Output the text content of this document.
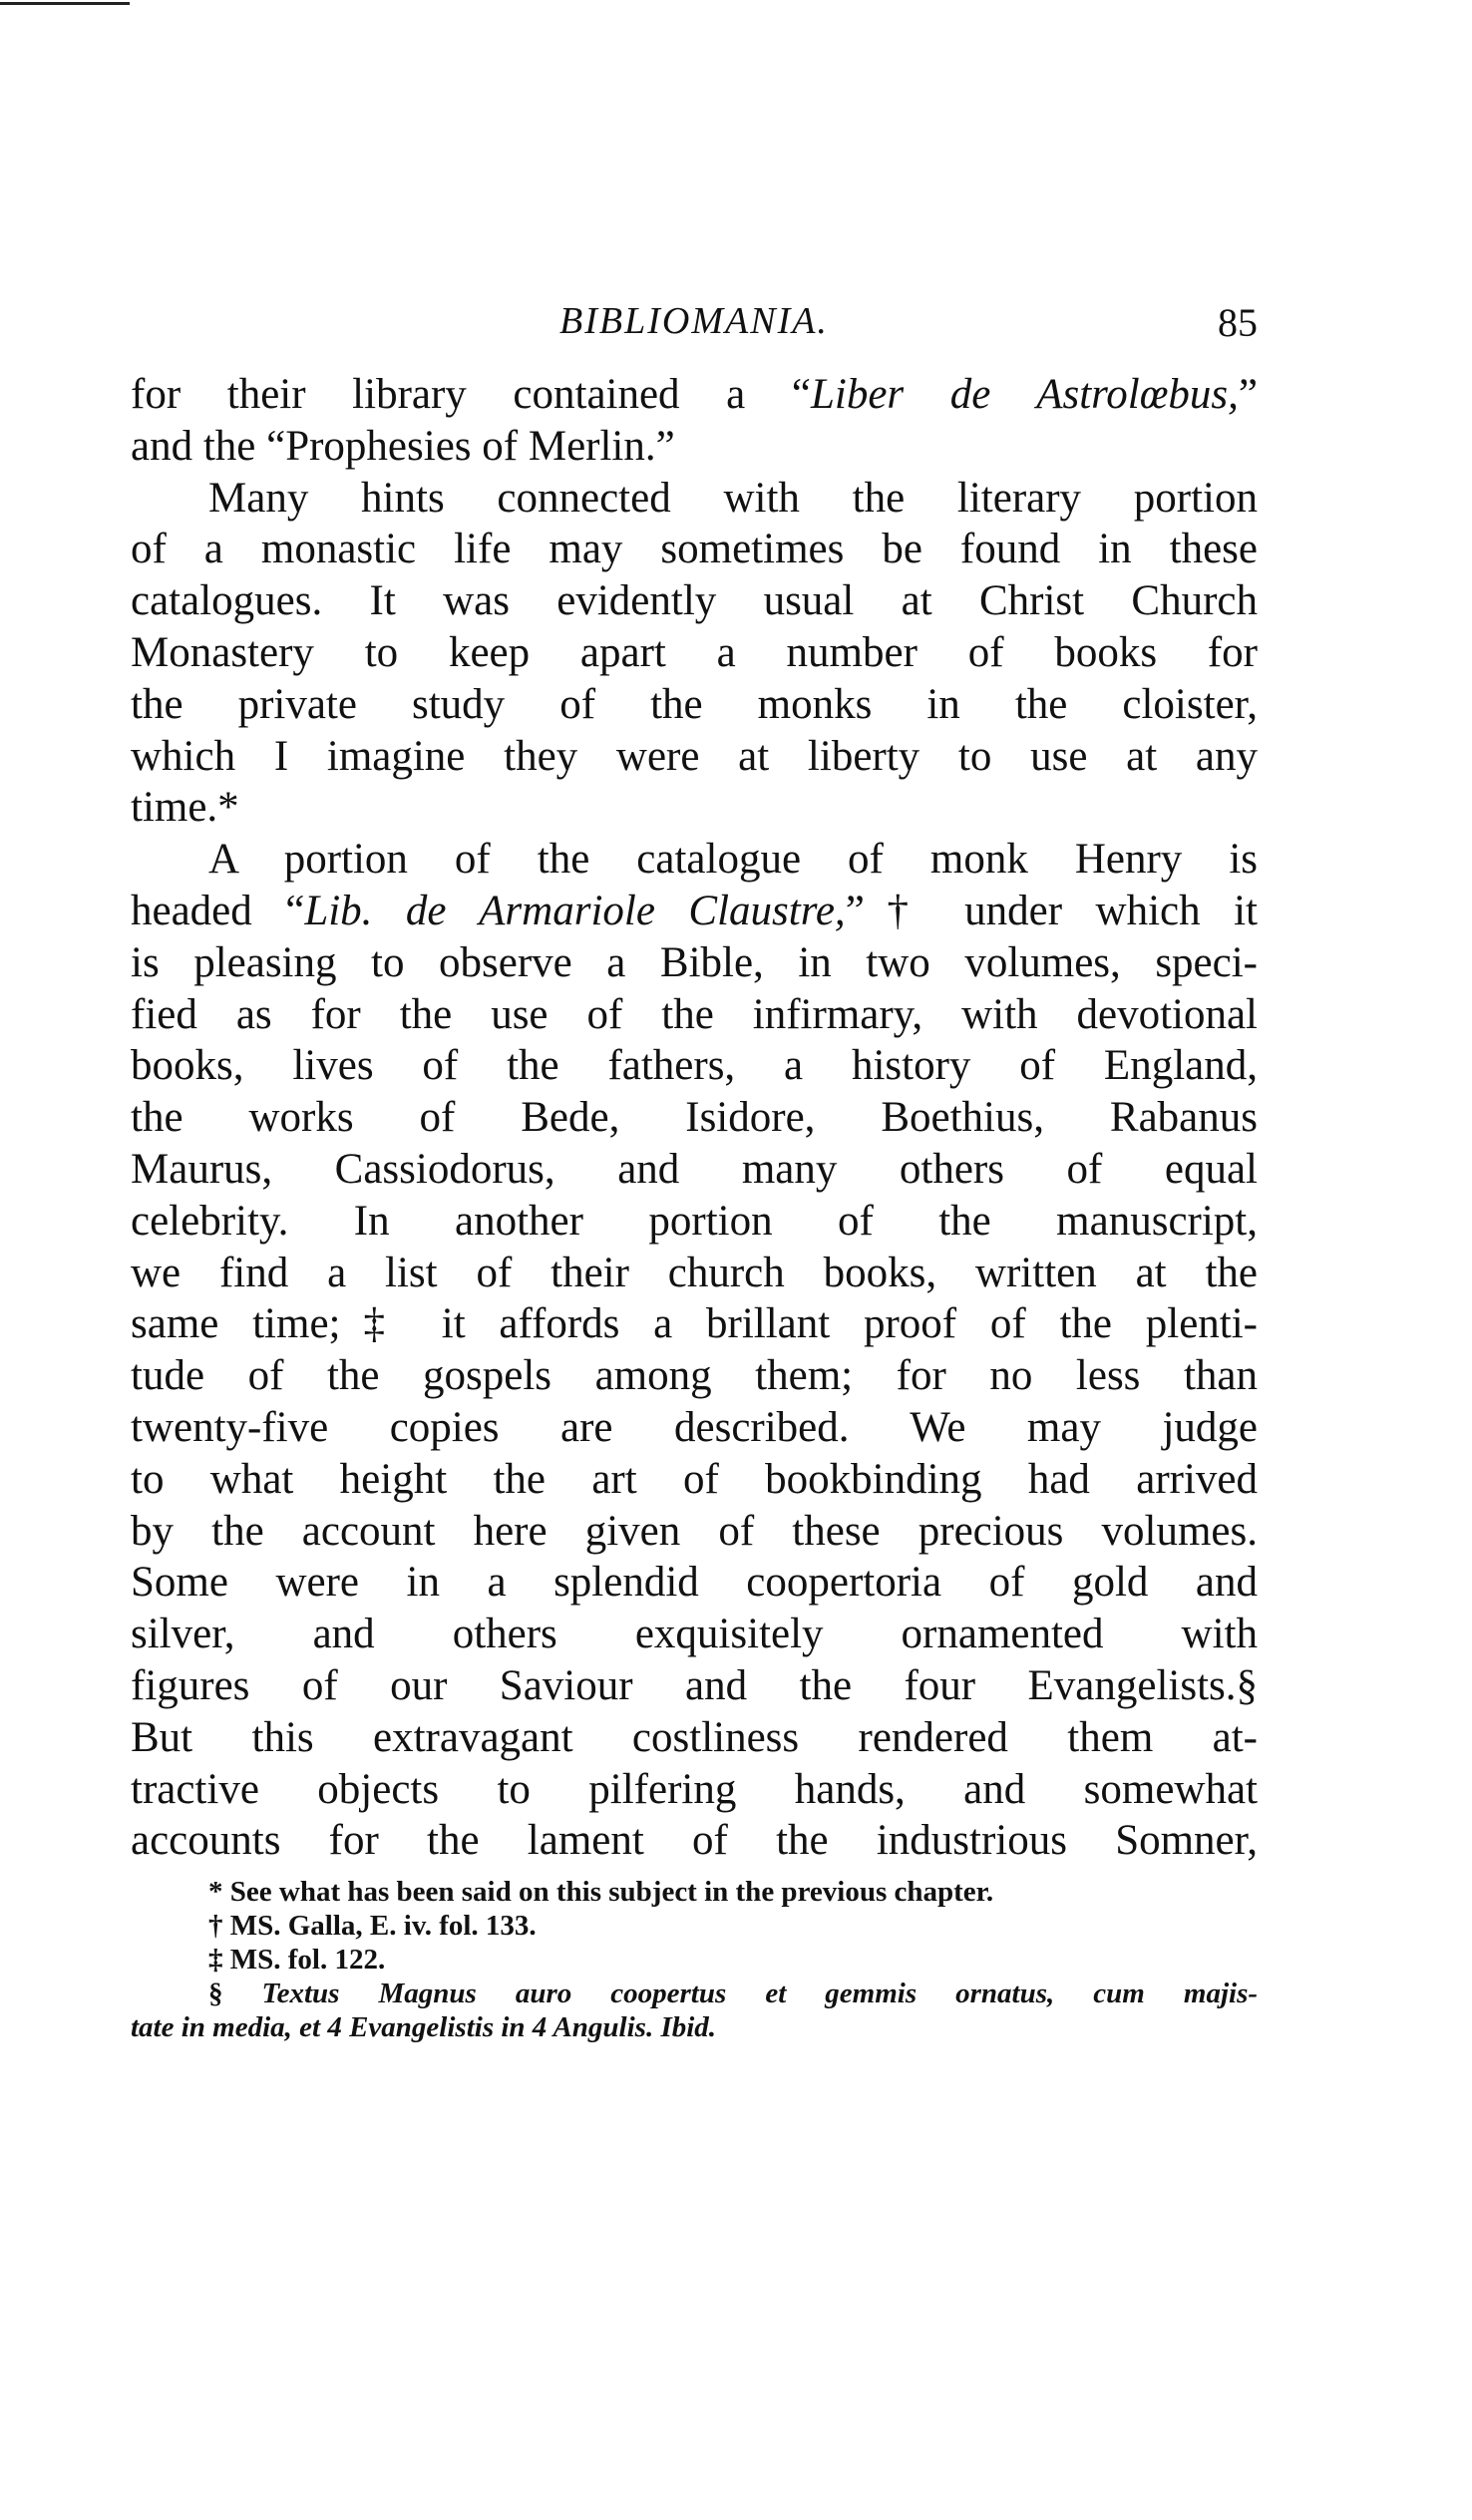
BIBLIOMANIA.	85
for their library contained a “Liber de Astrolœbus,”
and the “Prophesies of Merlin.”
Many hints connected with the literary portion
of a monastic life may sometimes be found in these
catalogues. It was evidently usual at Christ Church
Monastery to keep apart a number of books for
the private study of the monks in the cloister,
which I imagine they were at liberty to use at any
time.*
A portion of the catalogue of monk Henry is
headed “Lib. de Armariole Claustre,”† under which it
is pleasing to observe a Bible, in two volumes, speci-
fied as for the use of the infirmary, with devotional
books, lives of the fathers, a history of England,
the works of Bede, Isidore, Boethius, Rabanus
Maurus, Cassiodorus, and many others of equal
celebrity. In another portion of the manuscript,
we find a list of their church books, written at the
same time;‡ it affords a brillant proof of the plenti-
tude of the gospels among them; for no less than
twenty-five copies are described. We may judge
to what height the art of bookbinding had arrived
by the account here given of these precious volumes.
Some were in a splendid coopertoria of gold and
silver, and others exquisitely ornamented with
figures of our Saviour and the four Evangelists.§
But this extravagant costliness rendered them at-
tractive objects to pilfering hands, and somewhat
accounts for the lament of the industrious Somner,
* See what has been said on this subject in the previous chapter.
† MS. Galla, E. iv. fol. 133.
‡ MS. fol. 122.
§ Textus Magnus auro coopertus et gemmis ornatus, cum majis-
tate in media, et 4 Evangelistis in 4 Angulis. Ibid.
